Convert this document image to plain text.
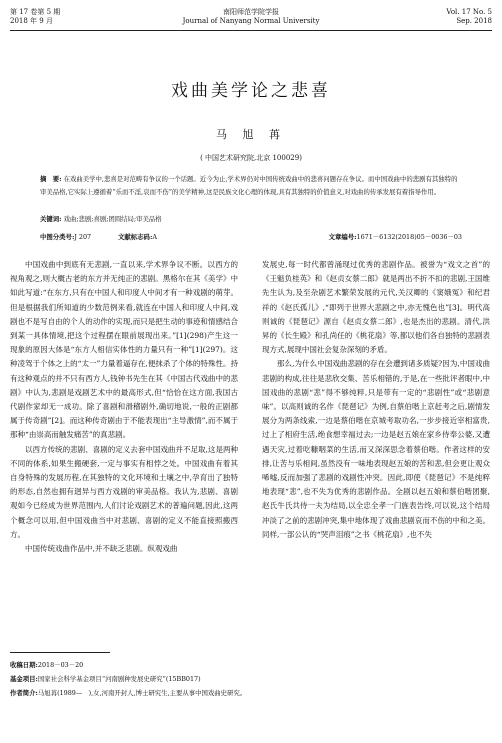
第 17 卷第 5 期
2018 年 9 月
南阳师范学院学报
Journal of Nanyang Normal University
Vol. 17 No. 5
Sep. 2018
戏曲美学论之悲喜
马 旭 苒
( 中国艺术研究院,北京 100029)
摘　要: 在戏曲美学中,悲喜是对范畴有争议的一个话题。近今为止,学术界仍对中国传统戏曲中的悲喜问题存在争议。而中国戏曲中的悲剧有其独特的审美品格,它实际上遵循着“乐而不淫,哀而不伤”的美学精神,这是民族文化心理的体现,具有其独特的价值意义,对戏曲的传承发展有着指导作用。
关键词: 戏曲;悲剧;喜剧;团圆结局;审美品格
中图分类号:J 207	文献标志码:A	文章编号:1671－6132(2018)05－0036－03

中国戏曲中到底有无悲剧,一直以来,学术界争议不断。以西方的视角观之,则大概古老的东方并无纯正的悲剧。黑格尔在其《美学》中如此写道:“在东方,只有在中国人和印度人中间才有一种戏剧的萌芽。但是根据我们所知道的少数范例来看,就连在中国人和印度人中间,戏剧也不是写自由的个人的动作的实现,而只是把生动的事迹和情感结合到某一具体情境,把这个过程摆在眼前展现出来。”[1](298)产生这一现象的原因大体是“东方人相信实体性的力量只有一种”[1](297)。这种凌驾于个体之上的“太一”力量着逼存在,便抹杀了个体的特殊性。持有这种观点的并不只有西方人,钱钟书先生在其《中国古代戏曲中的悲剧》中认为,悲剧是戏剧艺术中的最高形式,但“恰恰在这方面,我国古代剧作家却无一成功。除了喜剧和滑稽剧外,确切地说,一般的正剧都属于传奇剧”[2]。而这种传奇剧由于不能表现出“主导激情”,而不属于那种“由崇高而触发痛苦”的真悲剧。

以西方传统的悲剧、喜剧的定义去套中国戏曲并不足取,这是两种不同的体系,如果生搬硬套,一定与事实有相悖之处。中国戏曲有着其自身特殊的发展历程,在其独特的文化环境和土壤之中,孕育出了独特的形态,自然也拥有迥异与西方戏剧的审美品格。我认为,悲剧、喜剧观如今已经成为世界范围内,人们讨论戏剧艺术的普遍问题,因此,这两个概念可以用,但中国戏曲当中对悲剧、喜剧的定义不能直接照搬西方。

中国传统戏曲作品中,并不缺乏悲剧。纵观戏曲

发展史,每一时代都曾涌现过优秀的悲剧作品。被誉为“戏文之首”的《王魁负桂英》和《赵贞女蔡二郎》就是两出不折不扣的悲剧,王国维先生认为,及至杂剧艺术繁荣发展的元代,关汉卿的《窦娥冤》和纪君祥的《赵氏孤儿》,“即列于世界大悲剧之中,亦无愧色也”[3]。明代高则诚的《琵琶记》源自《赵贞女蔡二郎》,也是杰出的悲剧。清代,洪昇的《长生殿》和孔尚任的《桃花扇》等,都以他们各自独特的悲剧表现方式,展现中国社会复杂深刻的矛盾。

那么,为什么中国戏曲悲剧的存在会遭到诸多质疑?因为,中国戏曲悲剧的构成,往往是悲欣交集、苦乐相错的,于是,在一些批评者眼中,中国戏曲的悲剧“悲”得不够纯粹,只是带有一定的“悲剧性”或“悲剧意味”。以高则诚的名作《琵琶记》为例,自蔡伯喈上京赶考之后,剧情发展分为两条线索,一边是蔡伯喈在京城考取功名,一步步接近宰相富贵,过上了相府生活,绝食想幸福过去;一边是赵五娘在家乡侍奉公婆,又遭遇天灾,过着吃糠咽菜的生活,而又深深思念着蔡伯喈。作者这样的安排,让苦与乐相间,虽然没有一味地表现赵五娘的苦和悲,但会更让观众唏嘘,反而加强了悲剧的戏剧性冲突。因此,即使《琵琶记》不是纯粹地表现“悲”,也不失为优秀的悲剧作品。全剧以赵五娘和蔡伯喈团聚,赵氏牛氏共侍一夫为结局,以全忠全孝一门旌表告终,可以说,这个结局冲淡了之前的悲剧冲突,集中地体现了戏曲悲剧哀而不伤的中和之美。同样,一部公认的“哭声泪痕”之书《桃花扇》,也不失

收稿日期:2018－03－20
基金项目:国家社会科学基金项目“河南剧种发展史研究”(15BB017)
作者简介:马旭苒(1989—　),女,河南开封人,博士研究生,主要从事中国戏曲史研究。
